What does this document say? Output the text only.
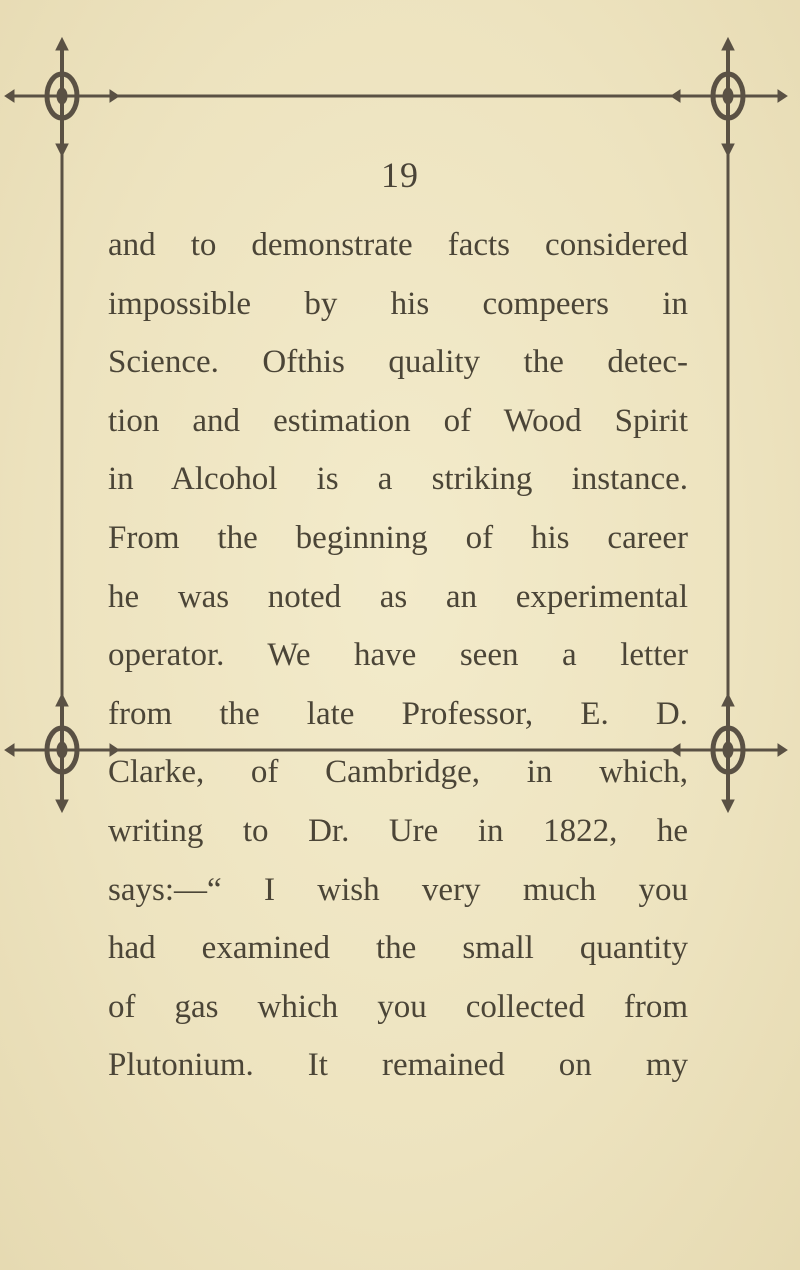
19
and to demonstrate facts considered
impossible by his compeers in
Science. Ofthis quality the detec-
tion and estimation of Wood Spirit
in Alcohol is a striking instance.
From the beginning of his career
he was noted as an experimental
operator. We have seen a letter
from the late Professor, E. D.
Clarke, of Cambridge, in which,
writing to Dr. Ure in 1822, he
says:—“ I wish very much you
had examined the small quantity
of gas which you collected from
Plutonium. It remained on my
